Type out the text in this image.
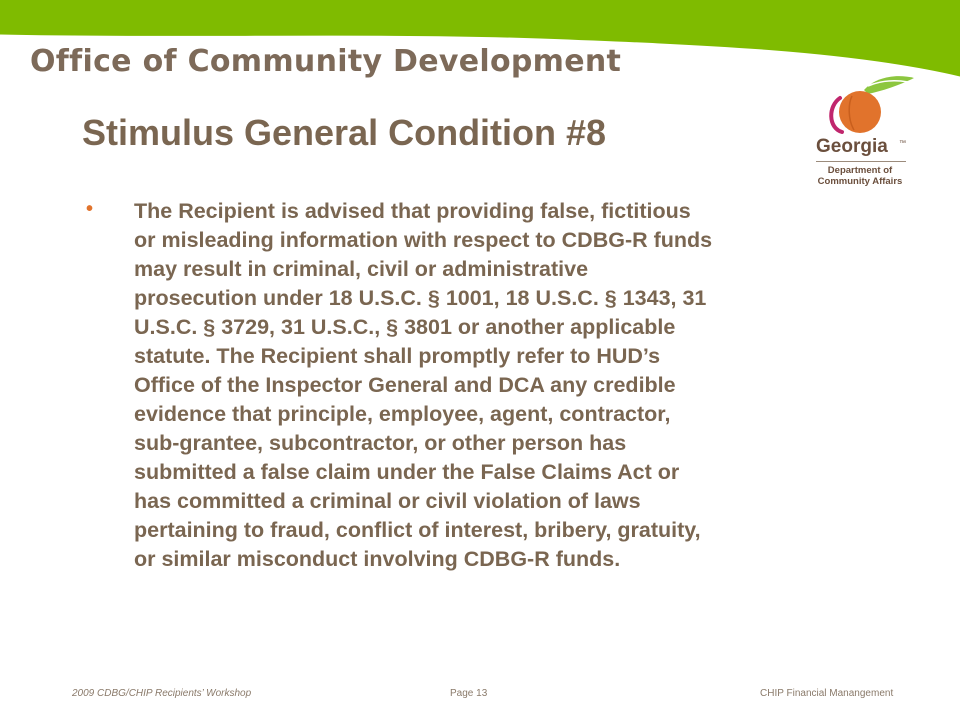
Office of Community Development
Stimulus General Condition #8	Georgia ™
Department of
Community Affairs
• The Recipient is advised that providing false, fictitious
or misleading information with respect to CDBG-R funds
may result in criminal, civil or administrative
prosecution under 18 U.S.C. § 1001, 18 U.S.C. § 1343, 31
U.S.C. § 3729, 31 U.S.C., § 3801 or another applicable
statute. The Recipient shall promptly refer to HUD’s
Office of the Inspector General and DCA any credible
evidence that principle, employee, agent, contractor,
sub-grantee, subcontractor, or other person has
submitted a false claim under the False Claims Act or
has committed a criminal or civil violation of laws
pertaining to fraud, conflict of interest, bribery, gratuity,
or similar misconduct involving CDBG-R funds.

2009 CDBG/CHIP Recipients’ Workshop	Page 13	CHIP Financial Manangement
